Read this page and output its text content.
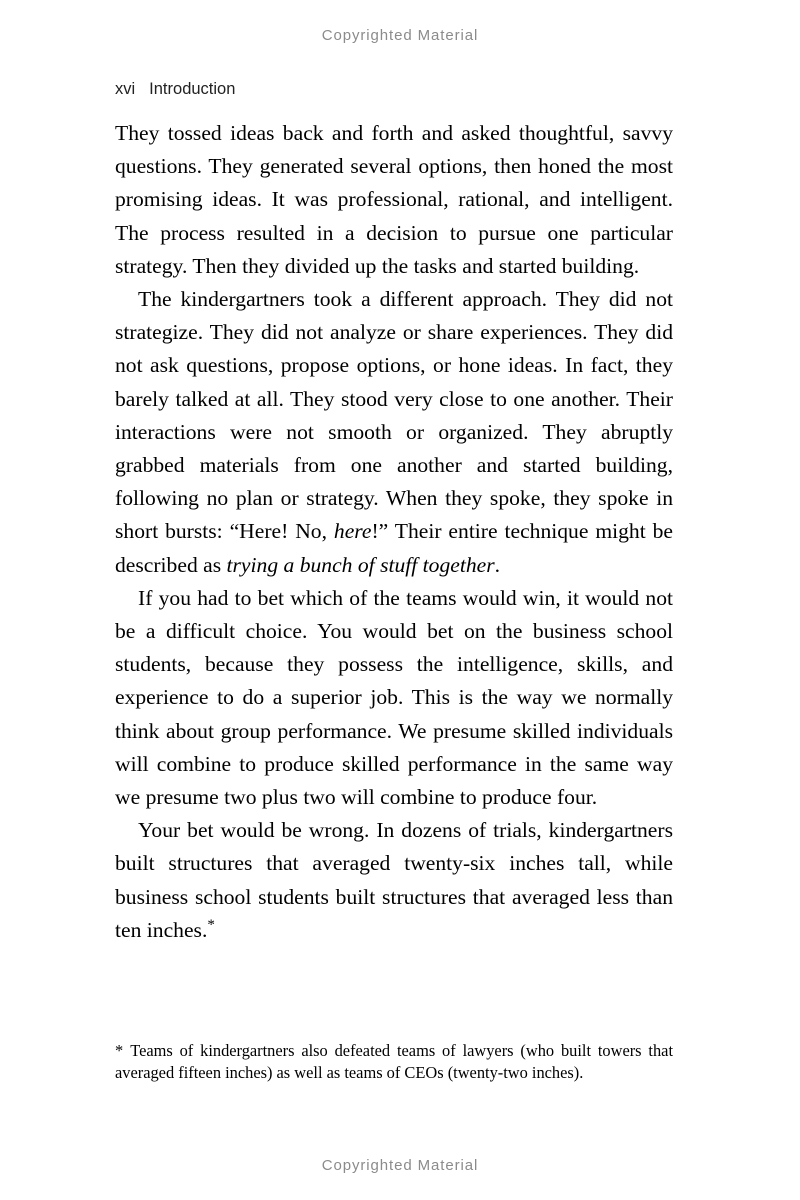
Copyrighted Material
xvi Introduction

They tossed ideas back and forth and asked thoughtful, savvy questions. They generated several options, then honed the most promising ideas. It was professional, rational, and intelligent. The process resulted in a decision to pursue one particular strategy. Then they divided up the tasks and started building.

The kindergartners took a different approach. They did not strategize. They did not analyze or share experiences. They did not ask questions, propose options, or hone ideas. In fact, they barely talked at all. They stood very close to one another. Their interactions were not smooth or organized. They abruptly grabbed materials from one another and started building, following no plan or strategy. When they spoke, they spoke in short bursts: “Here! No, here!” Their entire technique might be described as trying a bunch of stuff together.

If you had to bet which of the teams would win, it would not be a difficult choice. You would bet on the business school students, because they possess the intelligence, skills, and experience to do a superior job. This is the way we normally think about group performance. We presume skilled individuals will combine to produce skilled performance in the same way we presume two plus two will combine to produce four.

Your bet would be wrong. In dozens of trials, kindergartners built structures that averaged twenty-six inches tall, while business school students built structures that averaged less than ten inches.*

* Teams of kindergartners also defeated teams of lawyers (who built towers that averaged fifteen inches) as well as teams of CEOs (twenty-two inches).
Copyrighted Material
